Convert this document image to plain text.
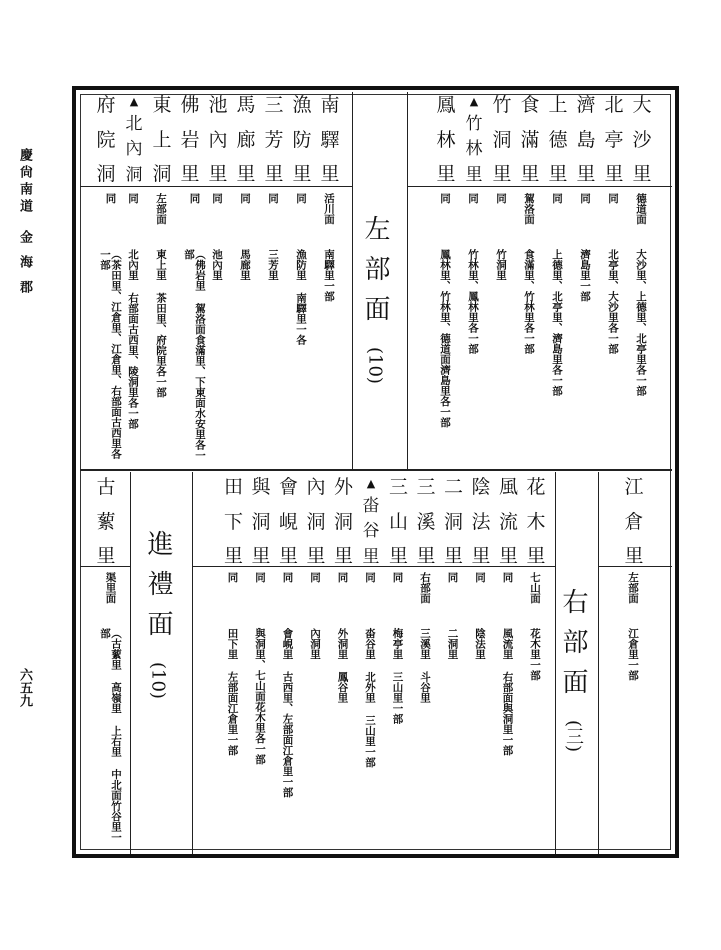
慶尙南道
金海郡
六五九
左部面
(10)
右部面
(三)
進禮面
(10)
大
沙
里
德道面
大沙里、上德里、北亭里各一部
北
亭
里
同
北亭里、大沙里各一部
濟
島
里
同
濟島里一部
上
德
里
同
上德里、北亭里、濟島里各一部
食
滿
里
駕洛面
食滿里、竹林里各一部
竹
洞
里
同
竹洞里
▲
竹
林
里
同
竹林里、鳳林里各一部
鳳
林
里
同
鳳林里、竹林里、德道面濟島里各一部
南
驛
里
活川面
南驛里一部
漁
防
里
同
漁防里 南驛里一各
三
芳
里
同
三芳里
馬
廊
里
同
馬廊里
池
內
里
同
池內里
佛
岩
里
同
︵佛岩里 駕洛面食滿里、下東面水安里各一部
東
上
洞
左部面
東上里 茶田里、府院里各一部
▲
北
內
洞
同
北內里 右部面古西里、陵洞里各一部
府
院
洞
同
︵茶田里、江倉里、江倉里、右部面古西里各一部
江
倉
里
左部面
江倉里一部
花
木
里
七山面
花木里一部
風
流
里
同
風流里 右部面與洞里一部
陰
法
里
同
陰法里
二
洞
里
同
二洞里
三
溪
里
右部面
三溪里 斗谷里
三
山
里
同
梅亭里 三山里一部
▲
畓
谷
里
同
畓谷里 北外里 三山里一部
外
洞
里
同
外洞里 鳳谷里
內
洞
里
同
內洞里
會
峴
里
同
會峴里 古西里、左部面江倉里一部
與
洞
里
同
與洞里、七山面花木里各一部
田
下
里
同
田下里 左部面江倉里一部
古
蕠
里
渠里面
︵古蕠里 高嶺里 上右里 中北面竹谷里一部
